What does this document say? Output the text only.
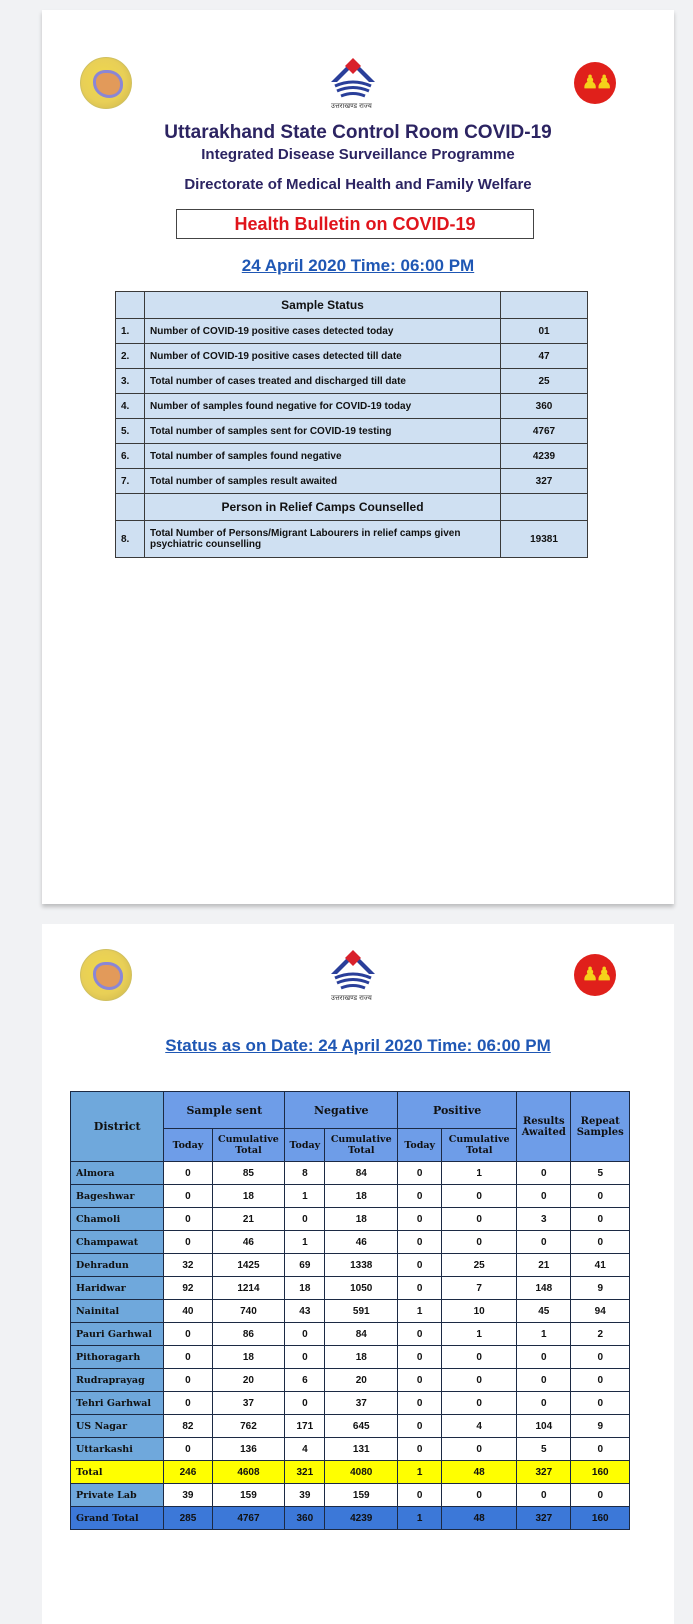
उत्तराखण्ड राज्य
♟♟
Uttarakhand State Control Room COVID-19
Integrated Disease Surveillance Programme
Directorate of Medical Health and Family Welfare
Health Bulletin on COVID-19
24 April 2020 Time: 06:00 PM
	Sample Status	
1.	Number of COVID-19 positive cases detected today	01
2.	Number of COVID-19 positive cases detected till date	47
3.	Total number of cases treated and discharged till date	25
4.	Number of samples found negative for COVID-19 today	360
5.	Total number of samples sent for COVID-19 testing	4767
6.	Total number of samples found negative	4239
7.	Total number of samples result awaited	327
	Person in Relief Camps Counselled	
8.	Total Number of Persons/Migrant Labourers in relief camps given psychiatric counselling	19381
उत्तराखण्ड राज्य
♟♟
Status as on Date: 24 April 2020 Time: 06:00 PM
District	Sample sent		Negative		Positive		Results Awaited	Repeat Samples
	Today	Cumulative Total	Today	Cumulative Total	Today	Cumulative Total		
Almora	0	85	8	84	0	1	0	5
Bageshwar	0	18	1	18	0	0	0	0
Chamoli	0	21	0	18	0	0	3	0
Champawat	0	46	1	46	0	0	0	0
Dehradun	32	1425	69	1338	0	25	21	41
Haridwar	92	1214	18	1050	0	7	148	9
Nainital	40	740	43	591	1	10	45	94
Pauri Garhwal	0	86	0	84	0	1	1	2
Pithoragarh	0	18	0	18	0	0	0	0
Rudraprayag	0	20	6	20	0	0	0	0
Tehri Garhwal	0	37	0	37	0	0	0	0
US Nagar	82	762	171	645	0	4	104	9
Uttarkashi	0	136	4	131	0	0	5	0
Total	246	4608	321	4080	1	48	327	160
Private Lab	39	159	39	159	0	0	0	0
Grand Total	285	4767	360	4239	1	48	327	160
